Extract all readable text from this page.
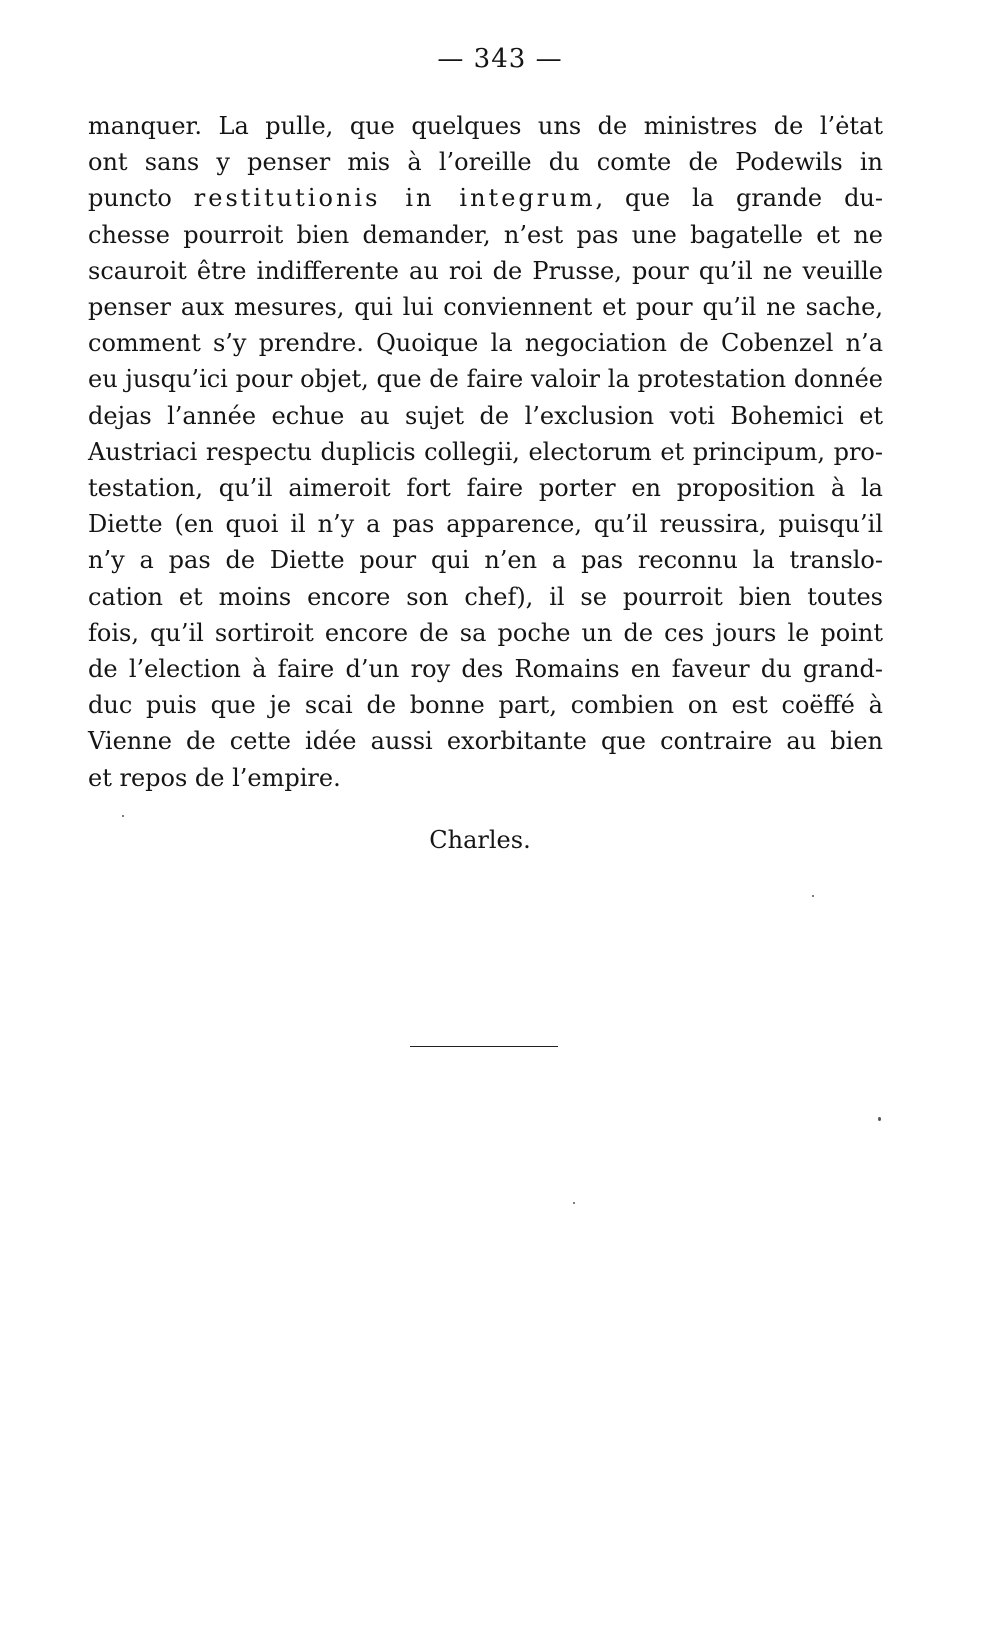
— 343 —
manquer. La pulle, que quelques uns de ministres de l’ėtat
ont sans y penser mis à l’oreille du comte de Podewils in
puncto restitutionis in integrum, que la grande du-
chesse pourroit bien demander, n’est pas une bagatelle et ne
scauroit être indifferente au roi de Prusse, pour qu’il ne veuille
penser aux mesures, qui lui conviennent et pour qu’il ne sache,
comment s’y prendre. Quoique la negociation de Cobenzel n’a
eu jusqu’ici pour objet, que de faire valoir la protestation donnée
dejas l’année echue au sujet de l’exclusion voti Bohemici et
Austriaci respectu duplicis collegii, electorum et principum, pro-
testation, qu’il aimeroit fort faire porter en proposition à la
Diette (en quoi il n’y a pas apparence, qu’il reussira, puisqu’il
n’y a pas de Diette pour qui n’en a pas reconnu la translo-
cation et moins encore son chef), il se pourroit bien toutes
fois, qu’il sortiroit encore de sa poche un de ces jours le point
de l’election à faire d’un roy des Romains en faveur du grand-
duc puis que je scai de bonne part, combien on est coëffé à
Vienne de cette idée aussi exorbitante que contraire au bien
et repos de l’empire.
Charles.
